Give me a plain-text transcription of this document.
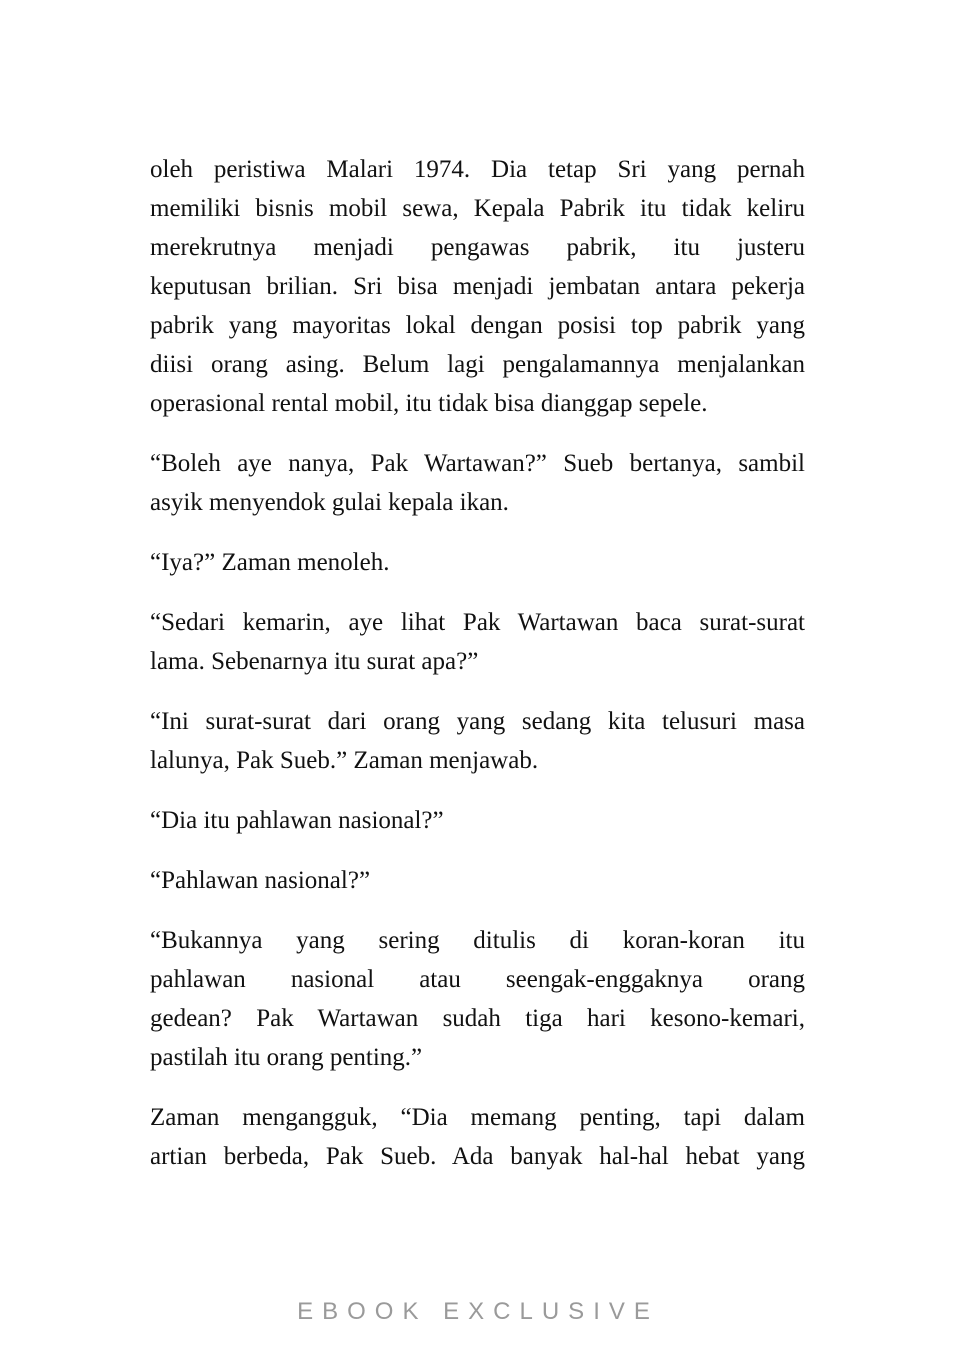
oleh peristiwa Malari 1974. Dia tetap Sri yang pernah
memiliki bisnis mobil sewa, Kepala Pabrik itu tidak keliru
merekrutnya menjadi pengawas pabrik, itu justeru
keputusan brilian. Sri bisa menjadi jembatan antara pekerja
pabrik yang mayoritas lokal dengan posisi top pabrik yang
diisi orang asing. Belum lagi pengalamannya menjalankan
operasional rental mobil, itu tidak bisa dianggap sepele.

“Boleh aye nanya, Pak Wartawan?” Sueb bertanya, sambil
asyik menyendok gulai kepala ikan.

“Iya?” Zaman menoleh.

“Sedari kemarin, aye lihat Pak Wartawan baca surat-surat
lama. Sebenarnya itu surat apa?”

“Ini surat-surat dari orang yang sedang kita telusuri masa
lalunya, Pak Sueb.” Zaman menjawab.

“Dia itu pahlawan nasional?”

“Pahlawan nasional?”

“Bukannya yang sering ditulis di koran-koran itu
pahlawan nasional atau seengak-enggaknya orang
gedean? Pak Wartawan sudah tiga hari kesono-kemari,
pastilah itu orang penting.”

Zaman mengangguk, “Dia memang penting, tapi dalam
artian berbeda, Pak Sueb. Ada banyak hal-hal hebat yang

EBOOK EXCLUSIVE
